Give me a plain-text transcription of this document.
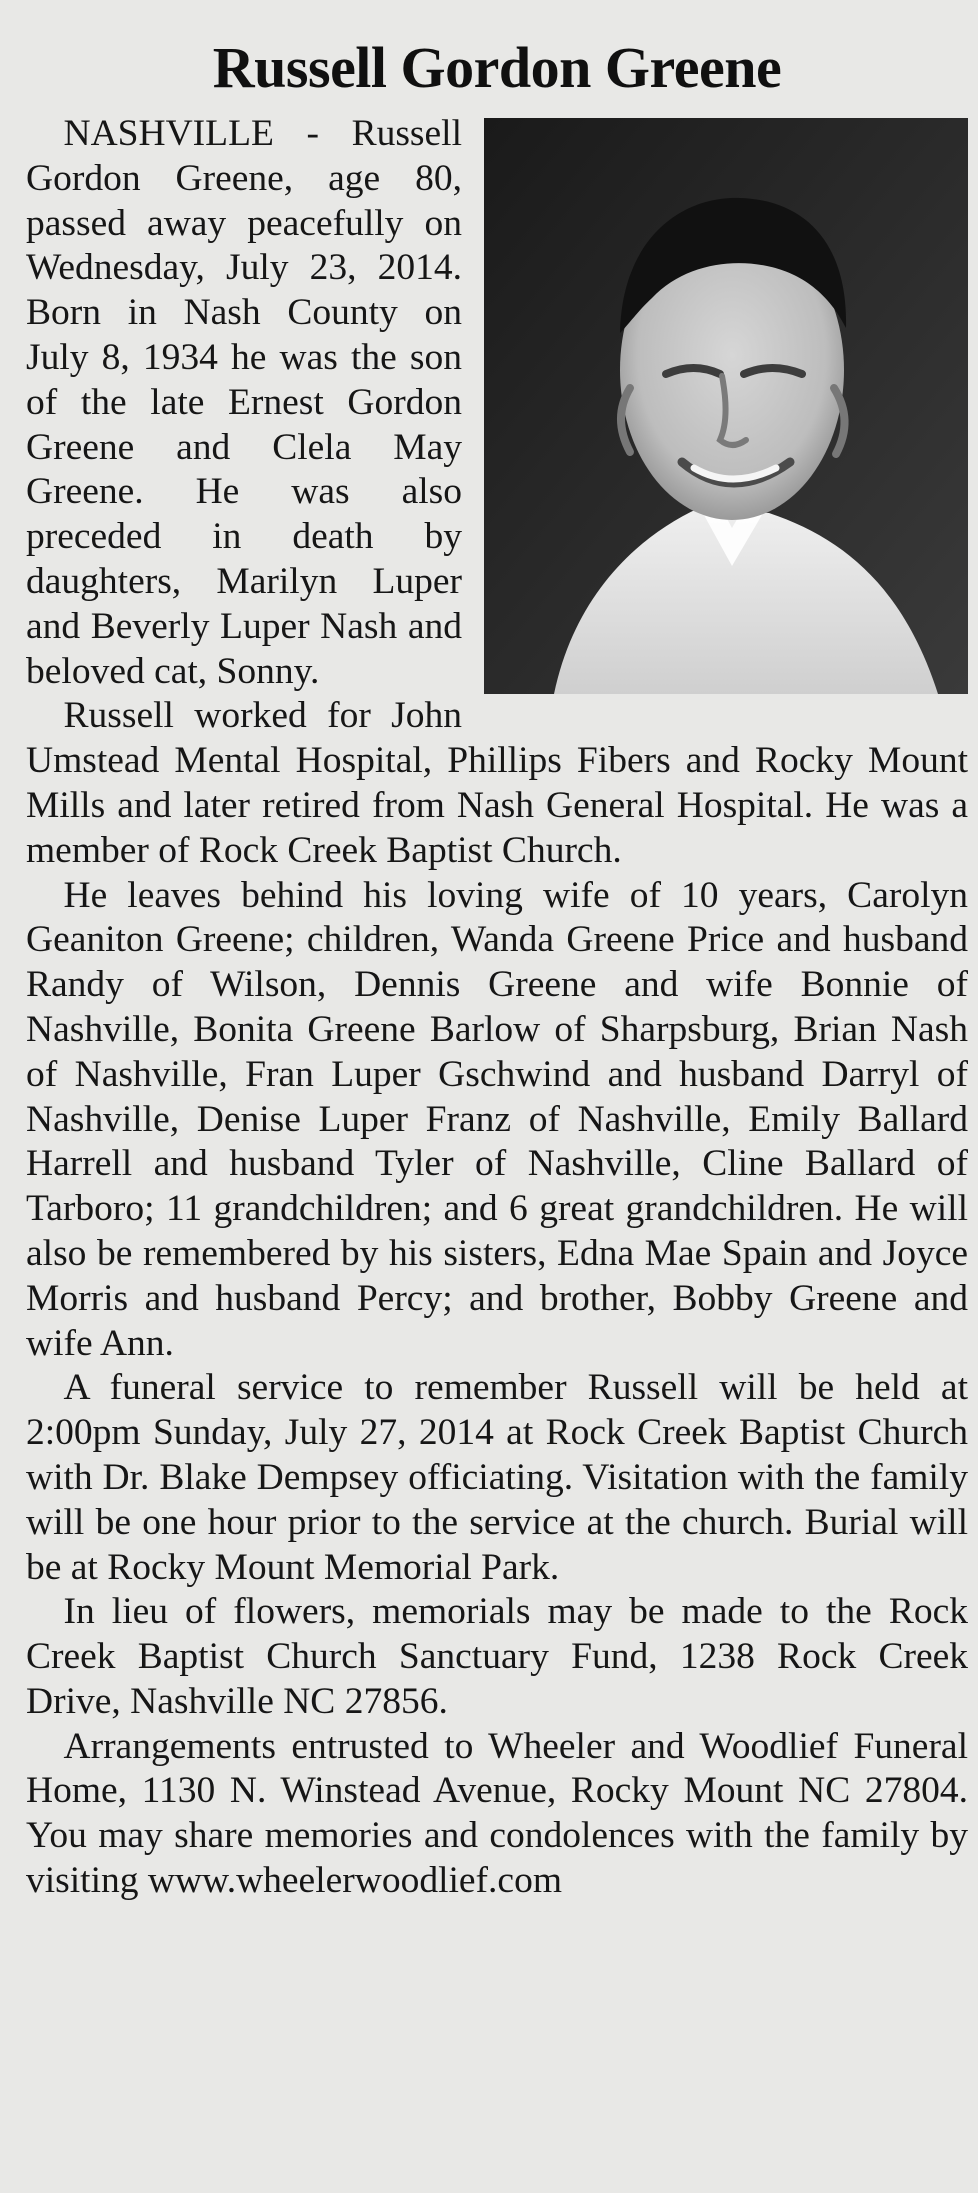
Russell Gordon Greene

NASHVILLE - Russell Gordon Greene, age 80, passed away peacefully on Wednesday, July 23, 2014. Born in Nash County on July 8, 1934 he was the son of the late Ernest Gordon Greene and Clela May Greene. He was also preceded in death by daughters, Marilyn Luper and Beverly Luper Nash and beloved cat, Sonny.

Russell worked for John Umstead Mental Hospital, Phillips Fibers and Rocky Mount Mills and later retired from Nash General Hospital. He was a member of Rock Creek Baptist Church.

He leaves behind his loving wife of 10 years, Carolyn Geaniton Greene; children, Wanda Greene Price and husband Randy of Wilson, Dennis Greene and wife Bonnie of Nashville, Bonita Greene Barlow of Sharpsburg, Brian Nash of Nashville, Fran Luper Gschwind and husband Darryl of Nashville, Denise Luper Franz of Nashville, Emily Ballard Harrell and husband Tyler of Nashville, Cline Ballard of Tarboro; 11 grandchildren; and 6 great grandchildren. He will also be remembered by his sisters, Edna Mae Spain and Joyce Morris and husband Percy; and brother, Bobby Greene and wife Ann.

A funeral service to remember Russell will be held at 2:00pm Sunday, July 27, 2014 at Rock Creek Baptist Church with Dr. Blake Dempsey officiating. Visitation with the family will be one hour prior to the service at the church. Burial will be at Rocky Mount Memorial Park.

In lieu of flowers, memorials may be made to the Rock Creek Baptist Church Sanctuary Fund, 1238 Rock Creek Drive, Nashville NC 27856.

Arrangements entrusted to Wheeler and Woodlief Funeral Home, 1130 N. Winstead Avenue, Rocky Mount NC 27804. You may share memories and condolences with the family by visiting www.wheelerwoodlief.com
